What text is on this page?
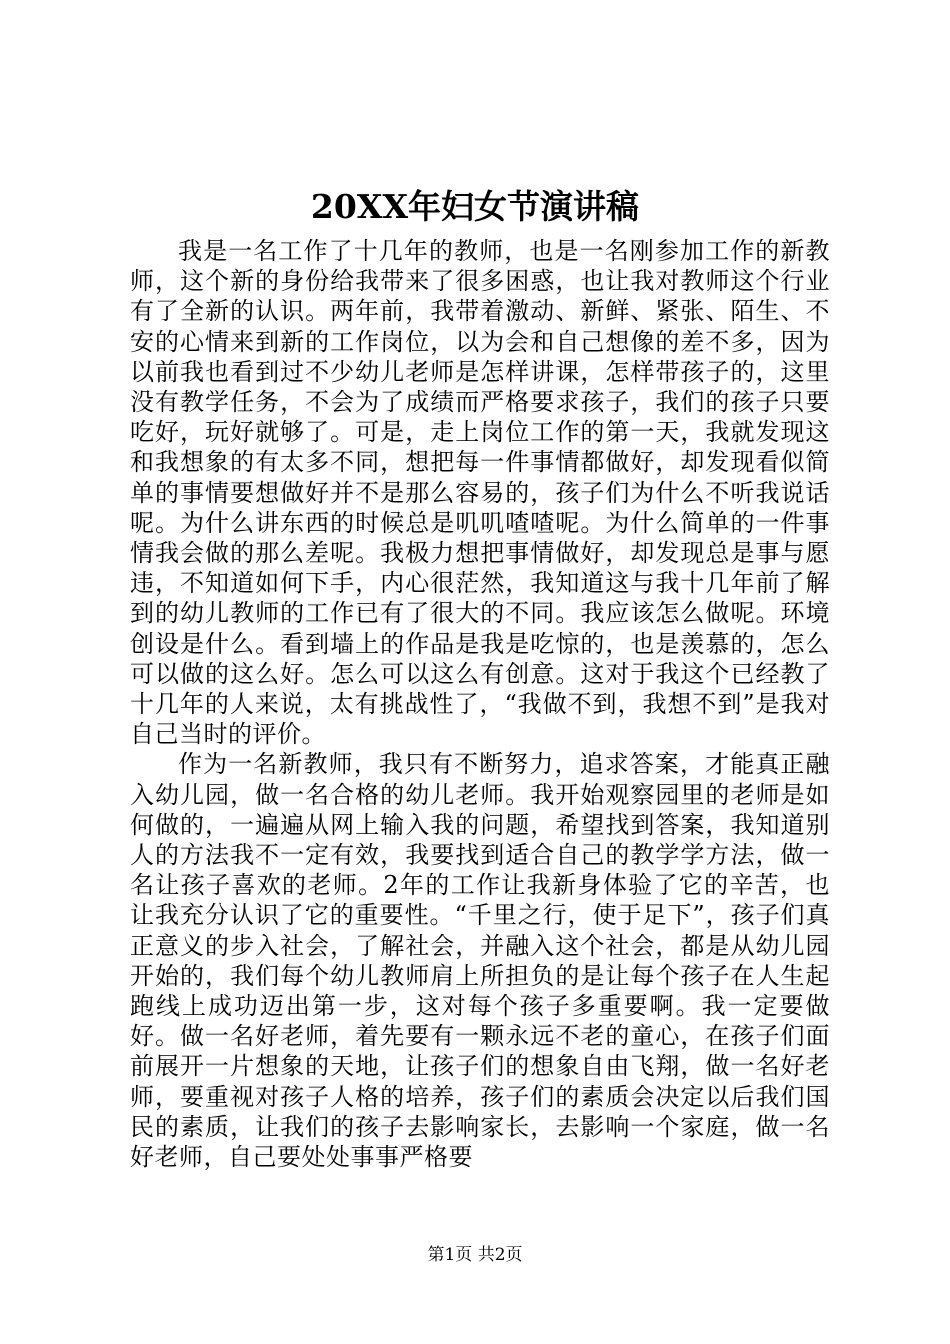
20XX年妇女节演讲稿

我是一名工作了十几年的教师，也是一名刚参加工作的新教师，这个新的身份给我带来了很多困惑，也让我对教师这个行业有了全新的认识。两年前，我带着激动、新鲜、紧张、陌生、不安的心情来到新的工作岗位，以为会和自己想像的差不多，因为以前我也看到过不少幼儿老师是怎样讲课，怎样带孩子的，这里没有教学任务，不会为了成绩而严格要求孩子，我们的孩子只要吃好，玩好就够了。可是，走上岗位工作的第一天，我就发现这和我想象的有太多不同，想把每一件事情都做好，却发现看似简单的事情要想做好并不是那么容易的，孩子们为什么不听我说话呢。为什么讲东西的时候总是叽叽喳喳呢。为什么简单的一件事情我会做的那么差呢。我极力想把事情做好，却发现总是事与愿违，不知道如何下手，内心很茫然，我知道这与我十几年前了解到的幼儿教师的工作已有了很大的不同。我应该怎么做呢。环境创设是什么。看到墙上的作品是我是吃惊的，也是羡慕的，怎么可以做的这么好。怎么可以这么有创意。这对于我这个已经教了十几年的人来说，太有挑战性了，“我做不到，我想不到”是我对自己当时的评价。

作为一名新教师，我只有不断努力，追求答案，才能真正融入幼儿园，做一名合格的幼儿老师。我开始观察园里的老师是如何做的，一遍遍从网上输入我的问题，希望找到答案，我知道别人的方法我不一定有效，我要找到适合自己的教学学方法，做一名让孩子喜欢的老师。2年的工作让我新身体验了它的辛苦，也让我充分认识了它的重要性。“千里之行，使于足下”，孩子们真正意义的步入社会，了解社会，并融入这个社会，都是从幼儿园开始的，我们每个幼儿教师肩上所担负的是让每个孩子在人生起跑线上成功迈出第一步，这对每个孩子多重要啊。我一定要做好。做一名好老师，着先要有一颗永远不老的童心，在孩子们面前展开一片想象的天地，让孩子们的想象自由飞翔，做一名好老师，要重视对孩子人格的培养，孩子们的素质会决定以后我们国民的素质，让我们的孩子去影响家长，去影响一个家庭，做一名好老师，自己要处处事事严格要

第1页 共2页
